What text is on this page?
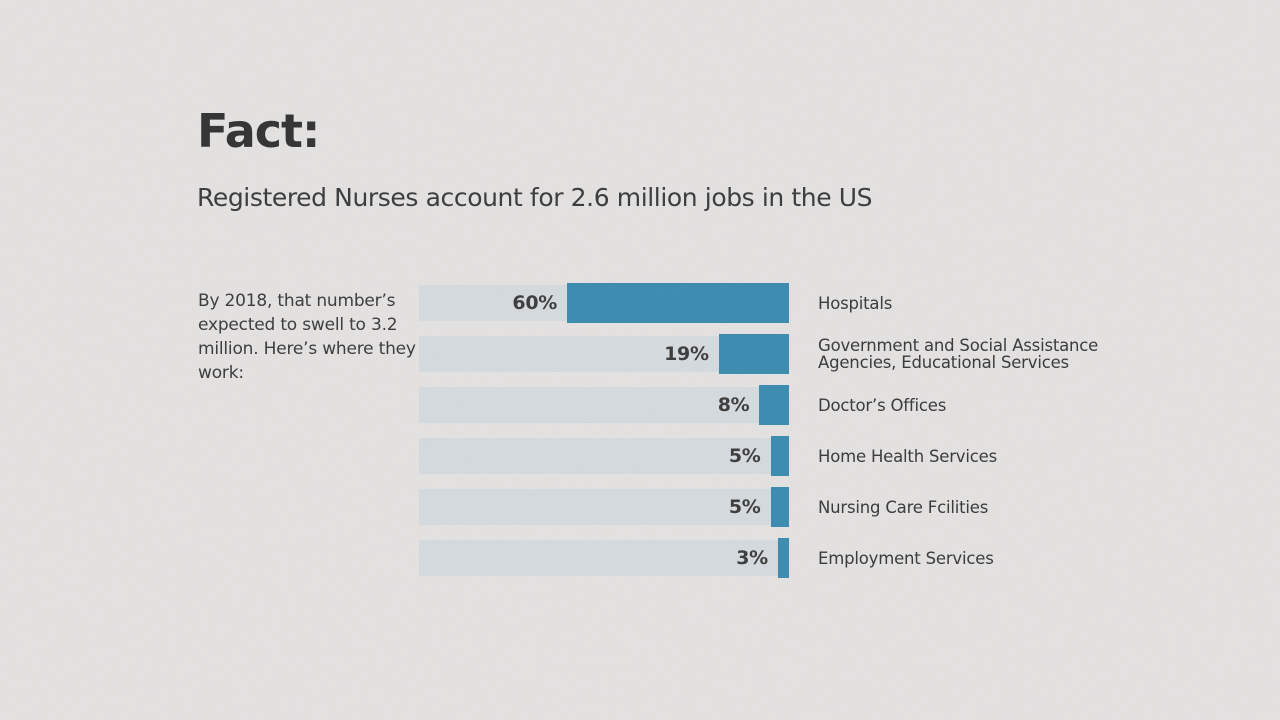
Fact:
Registered Nurses account for 2.6 million jobs in the US
By 2018, that number’s expected to swell to 3.2 million. Here’s where they work:
60%
19%
8%
5%
5%
3%
Hospitals
Government and Social Assistance Agencies, Educational Services
Doctor’s Offices
Home Health Services
Nursing Care Fcilities
Employment Services
